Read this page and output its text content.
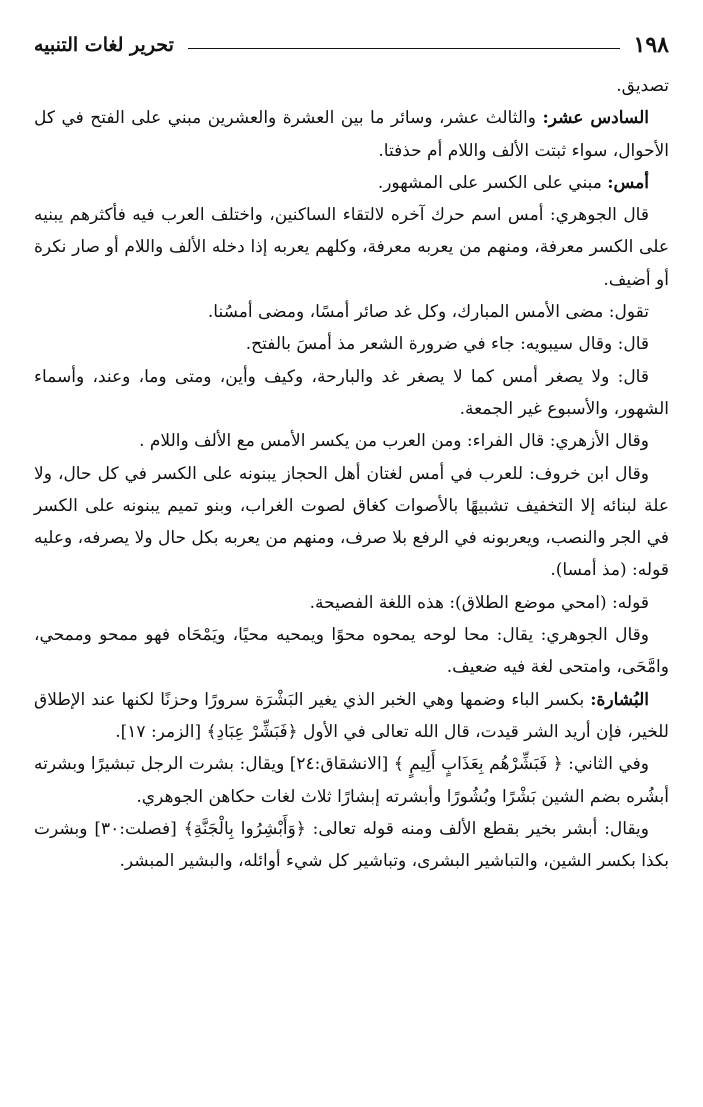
١٩٨
تحرير لغات التنبيه

تصديق.

السادس عشر: والثالث عشر، وسائر ما بين العشرة والعشرين مبني على الفتح في كل الأحوال، سواء ثبتت الألف واللام أم حذفتا.

أمس: مبني على الكسر على المشهور.

قال الجوهري: أمس اسم حرك آخره لالتقاء الساكنين، واختلف العرب فيه فأكثرهم يبنيه على الكسر معرفة، ومنهم من يعربه معرفة، وكلهم يعربه إذا دخله الألف واللام أو صار نكرة أو أضيف.

تقول: مضى الأمس المبارك، وكل غد صائر أمسًا، ومضى أمسُنا.

قال: وقال سيبويه: جاء في ضرورة الشعر مذ أمسَ بالفتح.

قال: ولا يصغر أمس كما لا يصغر غد والبارحة، وكيف وأين، ومتى وما، وعند، وأسماء الشهور، والأسبوع غير الجمعة.

وقال الأزهري: قال الفراء: ومن العرب من يكسر الأمس مع الألف واللام .

وقال ابن خروف: للعرب في أمس لغتان أهل الحجاز يبنونه على الكسر في كل حال، ولا علة لبنائه إلا التخفيف تشبيهًا بالأصوات كغاق لصوت الغراب، وبنو تميم يبنونه على الكسر في الجر والنصب، ويعربونه في الرفع بلا صرف، ومنهم من يعربه بكل حال ولا يصرفه، وعليه قوله: (مذ أمسا).

قوله: (امحي موضع الطلاق): هذه اللغة الفصيحة.

وقال الجوهري: يقال: محا لوحه يمحوه محوًا ويمحيه محيًا، ويَمْحَاه فهو ممحو وممحي، وامَّحَى، وامتحى لغة فيه ضعيف.

البُشارة: بكسر الباء وضمها وهي الخبر الذي يغير البَشْرَة سرورًا وحزنًا لكنها عند الإطلاق للخير، فإن أريد الشر قيدت، قال الله تعالى في الأول ﴿فَبَشِّرْ عِبَادِ﴾ [الزمر: ١٧].

وفي الثاني: ﴿ فَبَشِّرْهُم بِعَذَابٍ أَلِيمٍ ﴾ [الانشقاق:٢٤] ويقال: بشرت الرجل تبشيرًا وبشرته أبشُره بضم الشين بَشْرًا وبُشُورًا وأبشرته إبشارًا ثلاث لغات حكاهن الجوهري.

ويقال: أبشر بخير بقطع الألف ومنه قوله تعالى: ﴿وَأَبْشِرُوا بِالْجَنَّةِ﴾ [فصلت:٣٠] وبشرت بكذا بكسر الشين، والتباشير البشرى، وتباشير كل شيء أوائله، والبشير المبشر.
